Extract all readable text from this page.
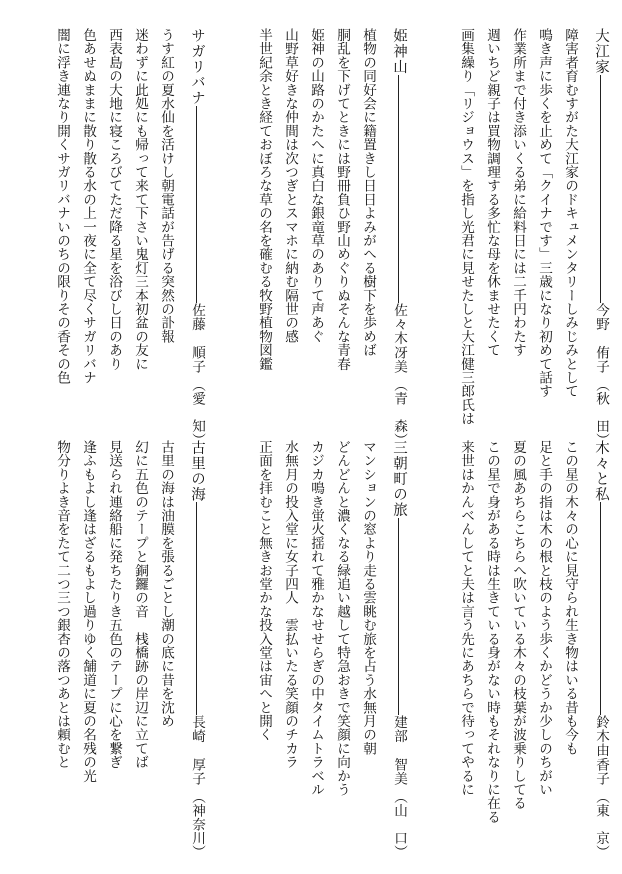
大江家
今野　侑子
（秋　田）
障害者育むすがた大江家のドキュメンタリーしみじみとして
鳴き声に歩くを止めて「クイナです」三歳になり初めて話す
作業所まで付き添いくる弟に給料日には二千円わたす
週いちど親子は買物調理する多忙な母を休ませたくて
画集繰り「リジョウス」を指し光君に見せたしと大江健三郎氏は
姫神山
佐々木冴美
（青　森）
植物の同好会に籍置きし日日よみがへる樹下を歩めば
胴乱を下げてときには野冊負ひ野山めぐりぬそんな青春
姫神の山路のかたへに真白な銀竜草のありて声あぐ
山野草好きな仲間は次つぎとスマホに納む隔世の感
半世紀余とき経ておぼろな草の名を確むる牧野植物図鑑
サガリバナ
佐藤　順子
（愛　知）
うす紅の夏水仙を活けし朝電話が告げる突然の訃報
迷わずに此処にも帰って来て下さい鬼灯三本初盆の友に
西表島の大地に寝ころびてただ降る星を浴びし日のあり
色あせぬままに散り散る水の上一夜に全て尽くサガリバナ
闇に浮き連なり開くサガリバナいのちの限りその香その色
木々と私
鈴木由香子
（東　京）
この星の木々の心に見守られ生き物はいる昔も今も
足と手の指は木の根と枝のよう歩くかどうか少しのちがい
夏の風あちらこちらへ吹いている木々の枝葉が波乗りしてる
この星で身がある時は生きている身がない時もそれなりに在る
来世はかんべんしてと夫は言う先にあちらで待ってやるに
三朝町の旅
建部　智美
（山　口）
マンションの窓より走る雲眺む旅を占う水無月の朝
どんどんと濃くなる緑追い越して特急おきで笑顔に向かう
カジカ鳴き蛍火揺れて雅かなせせらぎの中タイムトラベル
水無月の投入堂に女子四人　雲払いたる笑顔のチカラ
正面を拝むこと無きお堂かな投入堂は宙へと開く
古里の海
長崎　厚子
（神奈川）
古里の海は油膜を張るごとし潮の底に昔を沈め
幻に五色のテープと銅鑼の音　桟橋跡の岸辺に立てば
見送られ連絡船に発ちたりき五色のテープに心を繋ぎ
逢ふもよし逢はざるもよし過りゆく舗道に夏の名残の光
物分りよき音をたて二つ三つ銀杏の落つあとは頼むと
